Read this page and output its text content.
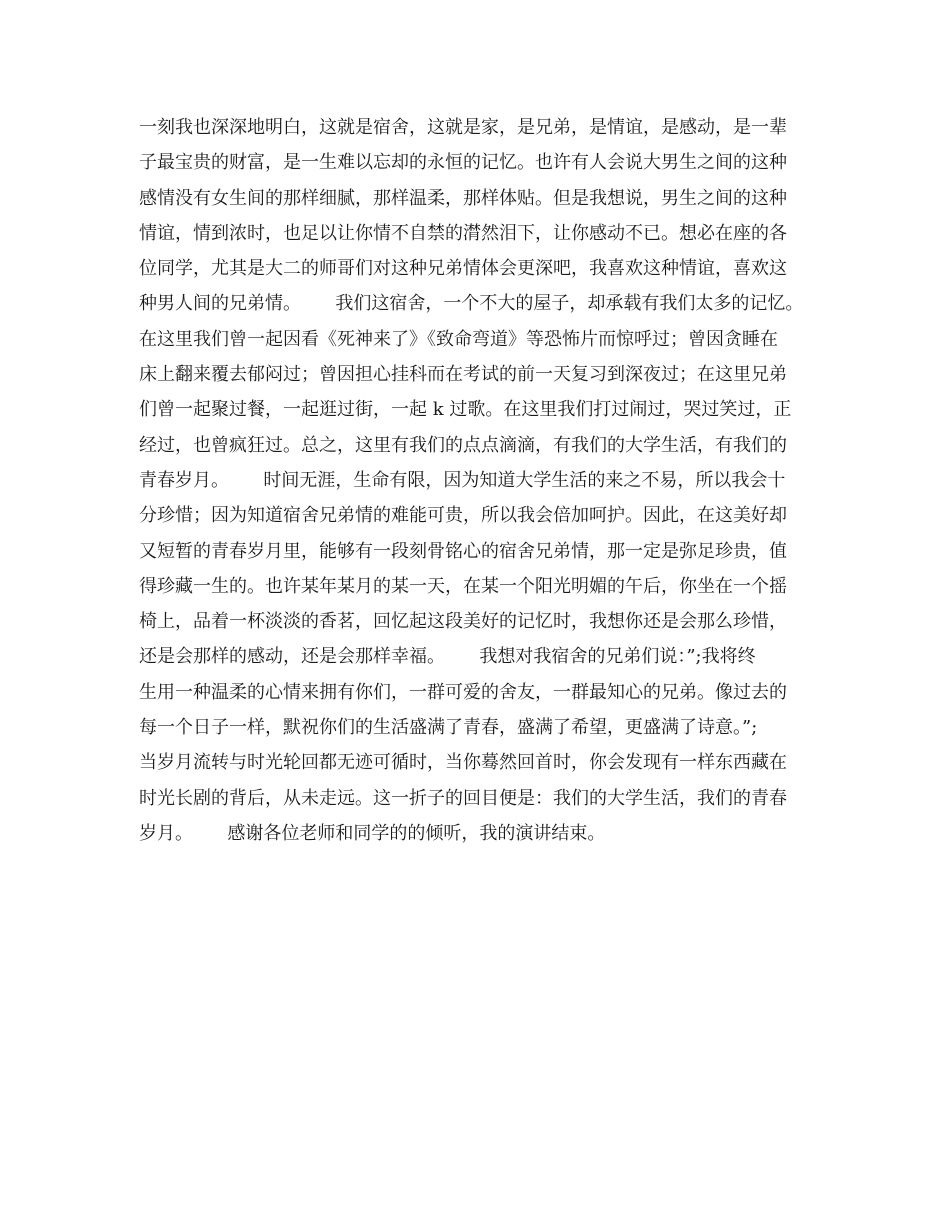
一刻我也深深地明白，这就是宿舍，这就是家，是兄弟，是情谊，是感动，是一辈
子最宝贵的财富，是一生难以忘却的永恒的记忆。也许有人会说大男生之间的这种
感情没有女生间的那样细腻，那样温柔，那样体贴。但是我想说，男生之间的这种
情谊，情到浓时，也足以让你情不自禁的潸然泪下，让你感动不已。想必在座的各
位同学，尤其是大二的师哥们对这种兄弟情体会更深吧，我喜欢这种情谊，喜欢这
种男人间的兄弟情。      我们这宿舍，一个不大的屋子，却承载有我们太多的记忆。
在这里我们曾一起因看《死神来了》《致命弯道》等恐怖片而惊呼过；曾因贪睡在
床上翻来覆去郁闷过；曾因担心挂科而在考试的前一天复习到深夜过；在这里兄弟
们曾一起聚过餐，一起逛过街，一起 k 过歌。在这里我们打过闹过，哭过笑过，正
经过，也曾疯狂过。总之，这里有我们的点点滴滴，有我们的大学生活，有我们的
青春岁月。      时间无涯，生命有限，因为知道大学生活的来之不易，所以我会十
分珍惜；因为知道宿舍兄弟情的难能可贵，所以我会倍加呵护。因此，在这美好却
又短暂的青春岁月里，能够有一段刻骨铭心的宿舍兄弟情，那一定是弥足珍贵，值
得珍藏一生的。也许某年某月的某一天，在某一个阳光明媚的午后，你坐在一个摇
椅上，品着一杯淡淡的香茗，回忆起这段美好的记忆时，我想你还是会那么珍惜，
还是会那样的感动，还是会那样幸福。      我想对我宿舍的兄弟们说：”;我将终
生用一种温柔的心情来拥有你们，一群可爱的舍友，一群最知心的兄弟。像过去的
每一个日子一样，默祝你们的生活盛满了青春，盛满了希望，更盛满了诗意。”;
当岁月流转与时光轮回都无迹可循时，当你蓦然回首时，你会发现有一样东西藏在
时光长剧的背后，从未走远。这一折子的回目便是：我们的大学生活，我们的青春
岁月。      感谢各位老师和同学的的倾听，我的演讲结束。
